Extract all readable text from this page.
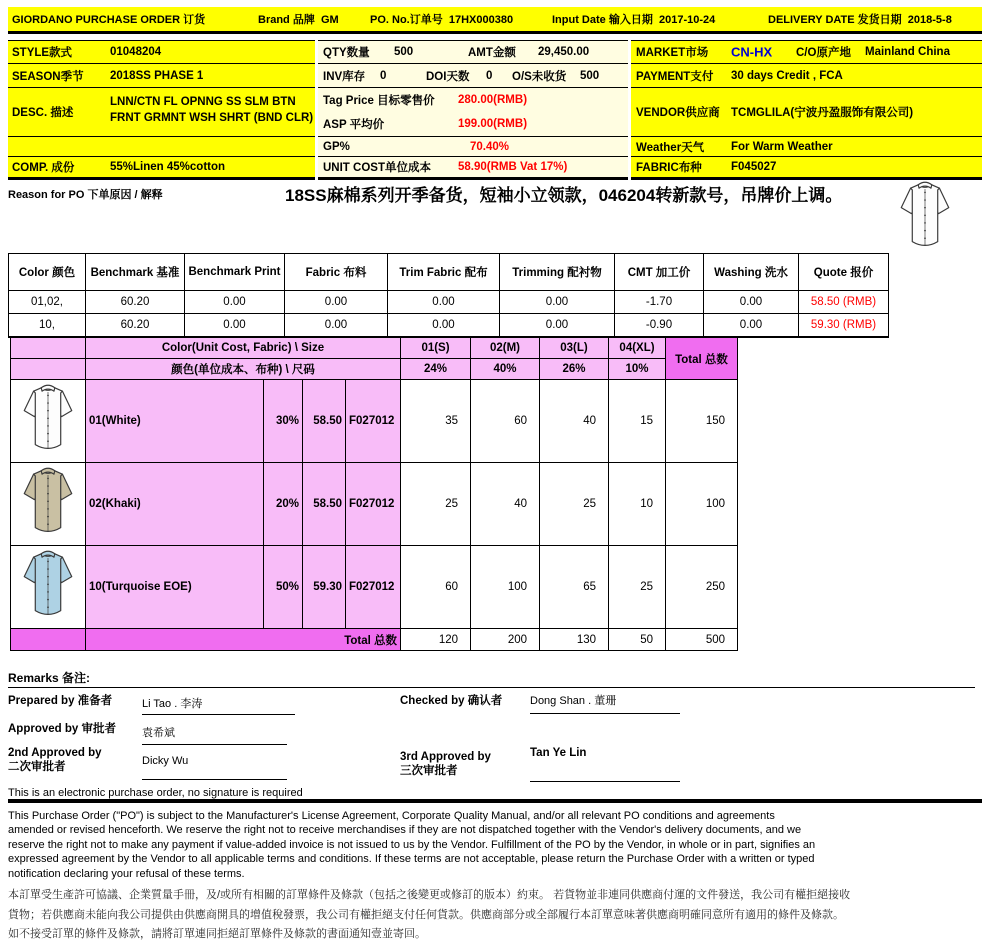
GIORDANO PURCHASE ORDER 订货	Brand 品牌 GM	PO. No.订单号 17HX000380	Input Date 输入日期 2017-10-24	DELIVERY DATE 发货日期 2018-5-8
STYLE款式	01048204
SEASON季节 2018SS PHASE 1
DESC. 描述
LNN/CTN FL OPNNG SS SLM BTN FRNT GRMNT WSH SHRT (BND CLR)
COMP. 成份	55%Linen 45%cotton
QTY数量 500	AMT金额 29,450.00
INV库存 0	DOI天数 0 O/S未收货 500
Tag Price 目标零售价 280.00(RMB)
ASP 平均价	199.00(RMB)
GP%	70.40%
UNIT COST单位成本 58.90(RMB Vat 17%)
MARKET市场 CN-HX C/O原产地 Mainland China
PAYMENT支付 30 days Credit , FCA
VENDOR供应商 TCMGLILA(宁波丹盈服饰有限公司)
Weather天气 For Warm Weather
FABRIC布种	F045027
Reason for PO 下单原因 / 解释	18SS麻棉系列开季备货，短袖小立领款，046204转新款号，吊牌价上调。
Color 颜色	Benchmark 基准	Benchmark Print	Fabric 布料	Trim Fabric 配布	Trimming 配衬物	CMT 加工价	Washing 洗水	Quote 报价
01,02,	60.20	0.00	0.00	0.00	0.00	-1.70	0.00	58.50 (RMB)
10,	60.20	0.00	0.00	0.00	0.00	-0.90	0.00	59.30 (RMB)
	Color(Unit Cost, Fabric) \ Size				01(S)	02(M)	03(L)	04(XL)	Total 总数
	颜色(单位成本、布种) \ 尺码				24%	40%	26%	10%	
	01(White)	30%	58.50	F027012	35	60	40	15	150
	02(Khaki)	20%	58.50	F027012	25	40	25	10	100
	10(Turquoise EOE)	50%	59.30	F027012	60	100	65	25	250
	Total 总数				120	200	130	50	500
Remarks 备注:
Prepared by 准备者	Li Tao . 李涛	Checked by 确认者	Dong Shan . 董珊
Approved by 审批者 袁希斌
2nd Approved by
二次审批者	Dicky Wu	3rd Approved by
三次审批者
Tan Ye Lin
This is an electronic purchase order, no signature is required
This Purchase Order ("PO") is subject to the Manufacturer's License Agreement, Corporate Quality Manual, and/or all relevant PO conditions and agreements amended or revised henceforth. We reserve the right not to receive merchandises if they are not dispatched together with the Vendor's delivery documents, and we reserve the right not to make any payment if value-added invoice is not issued to us by the Vendor. Fulfillment of the PO by the Vendor, in whole or in part, signifies an expressed agreement by the Vendor to all applicable terms and conditions. If these terms are not acceptable, please return the Purchase Order with a written or typed notification declaring your refusal of these terms.
本訂單受生產許可協議、企業質量手冊，及/或所有相關的訂單條件及條款（包括之後變更或修訂的版本）約束。 若貨物並非連同供應商付運的文件發送，我公司有權拒絕接收貨物；若供應商未能向我公司提供由供應商開具的增值稅發票，我公司有權拒絕支付任何貨款。供應商部分或全部履行本訂單意味著供應商明確同意所有適用的條件及條款。如不接受訂單的條件及條款，請將訂單連同拒絕訂單條件及條款的書面通知壹並寄回。
